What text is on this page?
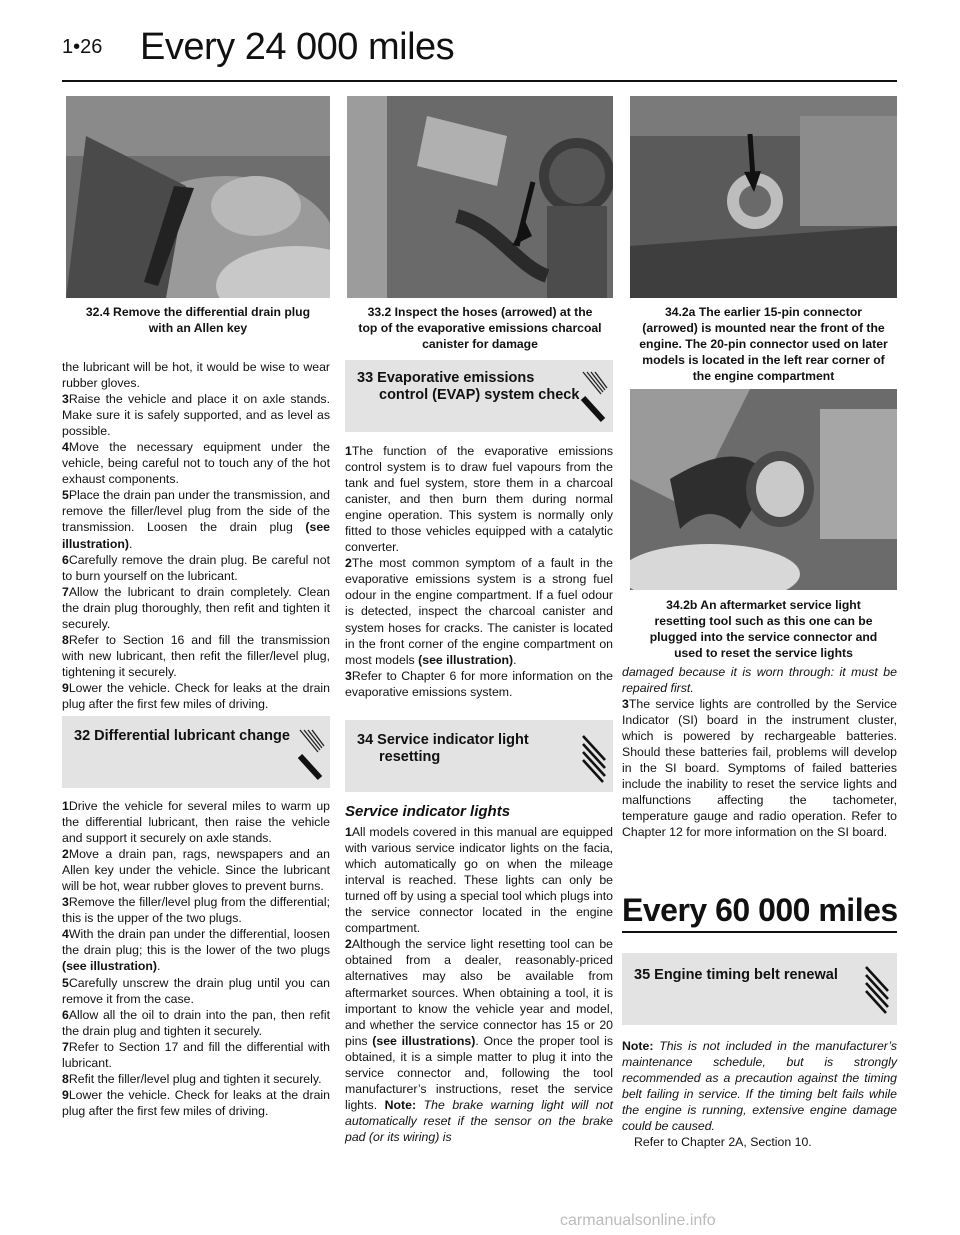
1•26 Every 24 000 miles
32.4 Remove the differential drain plug
with an Allen key
33.2 Inspect the hoses (arrowed) at the
top of the evaporative emissions charcoal
canister for damage
34.2a The earlier 15-pin connector
(arrowed) is mounted near the front of the
engine. The 20-pin connector used on later
models is located in the left rear corner of
the engine compartment
34.2b An aftermarket service light
resetting tool such as this one can be
plugged into the service connector and
used to reset the service lights

the lubricant will be hot, it would be wise to wear rubber gloves.

3Raise the vehicle and place it on axle stands. Make sure it is safely supported, and as level as possible.

4Move the necessary equipment under the vehicle, being careful not to touch any of the hot exhaust components.

5Place the drain pan under the transmission, and remove the filler/level plug from the side of the transmission. Loosen the drain plug (see illustration).

6Carefully remove the drain plug. Be careful not to burn yourself on the lubricant.

7Allow the lubricant to drain completely. Clean the drain plug thoroughly, then refit and tighten it securely.

8Refer to Section 16 and fill the transmission with new lubricant, then refit the filler/level plug, tightening it securely.

9Lower the vehicle. Check for leaks at the drain plug after the first few miles of driving.

32 Differential lubricant change

1Drive the vehicle for several miles to warm up the differential lubricant, then raise the vehicle and support it securely on axle stands.

2Move a drain pan, rags, newspapers and an Allen key under the vehicle. Since the lubricant will be hot, wear rubber gloves to prevent burns.

3Remove the filler/level plug from the differential; this is the upper of the two plugs.

4With the drain pan under the differential, loosen the drain plug; this is the lower of the two plugs (see illustration).

5Carefully unscrew the drain plug until you can remove it from the case.

6Allow all the oil to drain into the pan, then refit the drain plug and tighten it securely.

7Refer to Section 17 and fill the differential with lubricant.

8Refit the filler/level plug and tighten it securely.

9Lower the vehicle. Check for leaks at the drain plug after the first few miles of driving.

33 Evaporative emissions
control (EVAP) system check

1The function of the evaporative emissions control system is to draw fuel vapours from the tank and fuel system, store them in a charcoal canister, and then burn them during normal engine operation. This system is normally only fitted to those vehicles equipped with a catalytic converter.

2The most common symptom of a fault in the evaporative emissions system is a strong fuel odour in the engine compartment. If a fuel odour is detected, inspect the charcoal canister and system hoses for cracks. The canister is located in the front corner of the engine compartment on most models (see illustration).

3Refer to Chapter 6 for more information on the evaporative emissions system.

34 Service indicator light
resetting

Service indicator lights

1All models covered in this manual are equipped with various service indicator lights on the facia, which automatically go on when the mileage interval is reached. These lights can only be turned off by using a special tool which plugs into the service connector located in the engine compartment.

2Although the service light resetting tool can be obtained from a dealer, reasonably-priced alternatives may also be available from aftermarket sources. When obtaining a tool, it is important to know the vehicle year and model, and whether the service connector has 15 or 20 pins (see illustrations). Once the proper tool is obtained, it is a simple matter to plug it into the service connector and, following the tool manufacturer’s instructions, reset the service lights. Note: The brake warning light will not automatically reset if the sensor on the brake pad (or its wiring) is

damaged because it is worn through: it must be repaired first.

3The service lights are controlled by the Service Indicator (SI) board in the instrument cluster, which is powered by rechargeable batteries. Should these batteries fail, problems will develop in the SI board. Symptoms of failed batteries include the inability to reset the service lights and malfunctions affecting the tachometer, temperature gauge and radio operation. Refer to Chapter 12 for more information on the SI board.

Every 60 000 miles
35 Engine timing belt renewal

Note: This is not included in the manufacturer’s maintenance schedule, but is strongly recommended as a precaution against the timing belt failing in service. If the timing belt fails while the engine is running, extensive engine damage could be caused.

Refer to Chapter 2A, Section 10.

carmanualsonline.info
